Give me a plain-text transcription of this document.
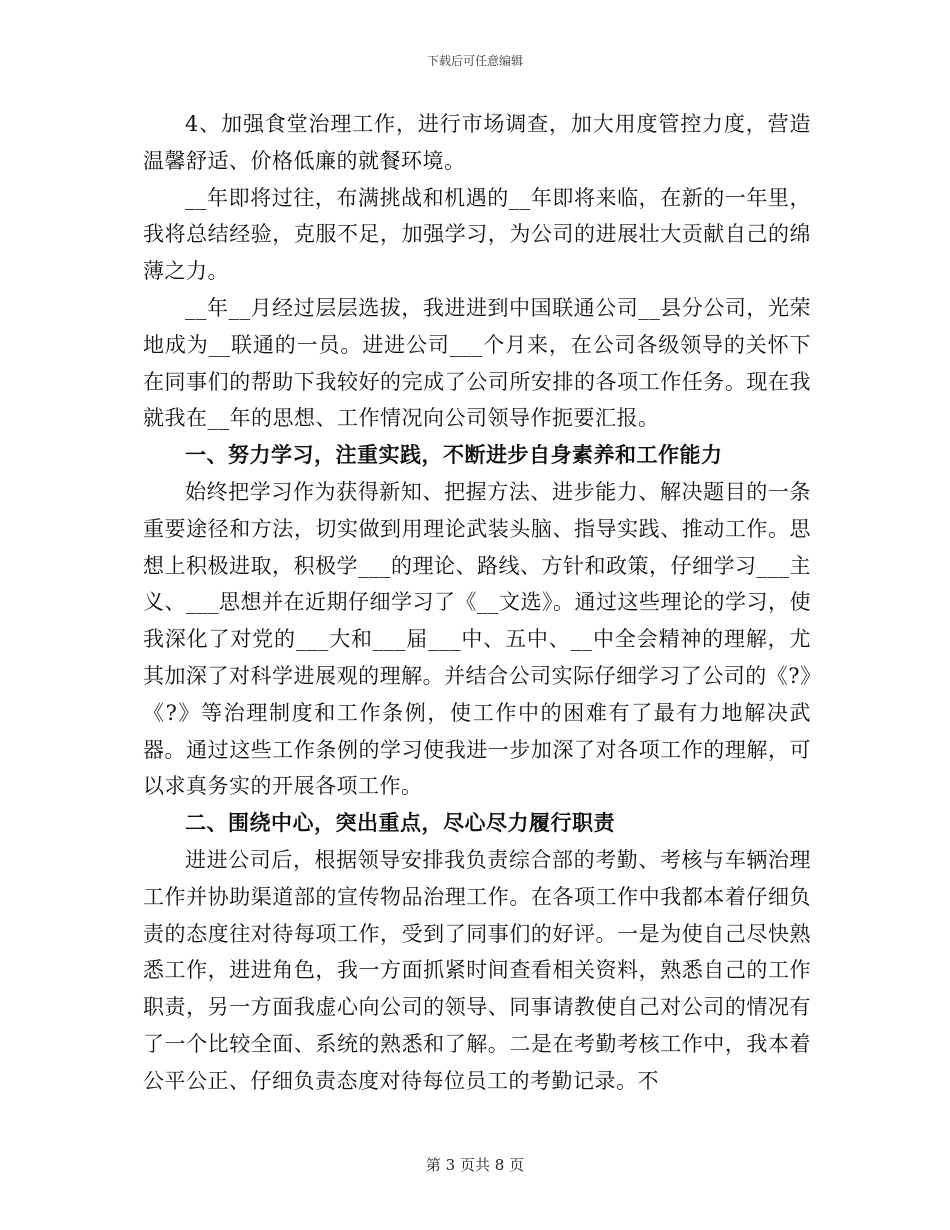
下载后可任意编辑

4、加强食堂治理工作，进行市场调查，加大用度管控力度，营造温馨舒适、价格低廉的就餐环境。

__年即将过往，布满挑战和机遇的__年即将来临，在新的一年里，我将总结经验，克服不足，加强学习，为公司的进展壮大贡献自己的绵薄之力。

__年__月经过层层选拔，我进进到中国联通公司__县分公司，光荣地成为__联通的一员。进进公司___个月来，在公司各级领导的关怀下在同事们的帮助下我较好的完成了公司所安排的各项工作任务。现在我就我在__年的思想、工作情况向公司领导作扼要汇报。

一、努力学习，注重实践，不断进步自身素养和工作能力

始终把学习作为获得新知、把握方法、进步能力、解决题目的一条重要途径和方法，切实做到用理论武装头脑、指导实践、推动工作。思想上积极进取，积极学___的理论、路线、方针和政策，仔细学习___主义、___思想并在近期仔细学习了《__文选》。通过这些理论的学习，使我深化了对党的___大和___届___中、五中、__中全会精神的理解，尤其加深了对科学进展观的理解。并结合公司实际仔细学习了公司的《?》《?》等治理制度和工作条例，使工作中的困难有了最有力地解决武器。通过这些工作条例的学习使我进一步加深了对各项工作的理解，可以求真务实的开展各项工作。

二、围绕中心，突出重点，尽心尽力履行职责

进进公司后，根据领导安排我负责综合部的考勤、考核与车辆治理工作并协助渠道部的宣传物品治理工作。在各项工作中我都本着仔细负责的态度往对待每项工作，受到了同事们的好评。一是为使自己尽快熟悉工作，进进角色，我一方面抓紧时间查看相关资料，熟悉自己的工作职责，另一方面我虚心向公司的领导、同事请教使自己对公司的情况有了一个比较全面、系统的熟悉和了解。二是在考勤考核工作中，我本着公平公正、仔细负责态度对待每位员工的考勤记录。不

第 3 页共 8 页
